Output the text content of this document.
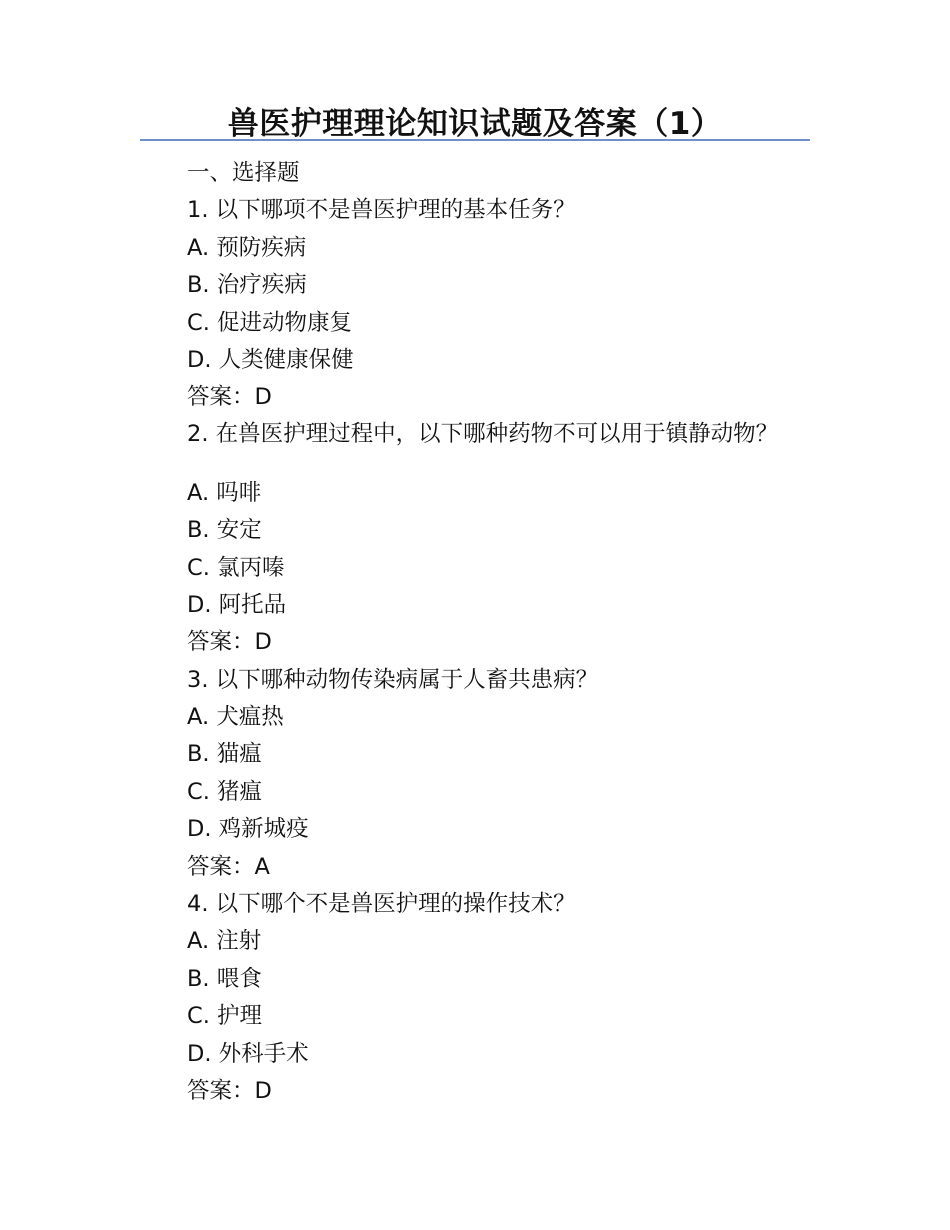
兽医护理理论知识试题及答案（1）
一、选择题
1. 以下哪项不是兽医护理的基本任务？
A. 预防疾病
B. 治疗疾病
C. 促进动物康复
D. 人类健康保健
答案：D
2. 在兽医护理过程中，以下哪种药物不可以用于镇静动物？
A. 吗啡
B. 安定
C. 氯丙嗪
D. 阿托品
答案：D
3. 以下哪种动物传染病属于人畜共患病？
A. 犬瘟热
B. 猫瘟
C. 猪瘟
D. 鸡新城疫
答案：A
4. 以下哪个不是兽医护理的操作技术？
A. 注射
B. 喂食
C. 护理
D. 外科手术
答案：D
